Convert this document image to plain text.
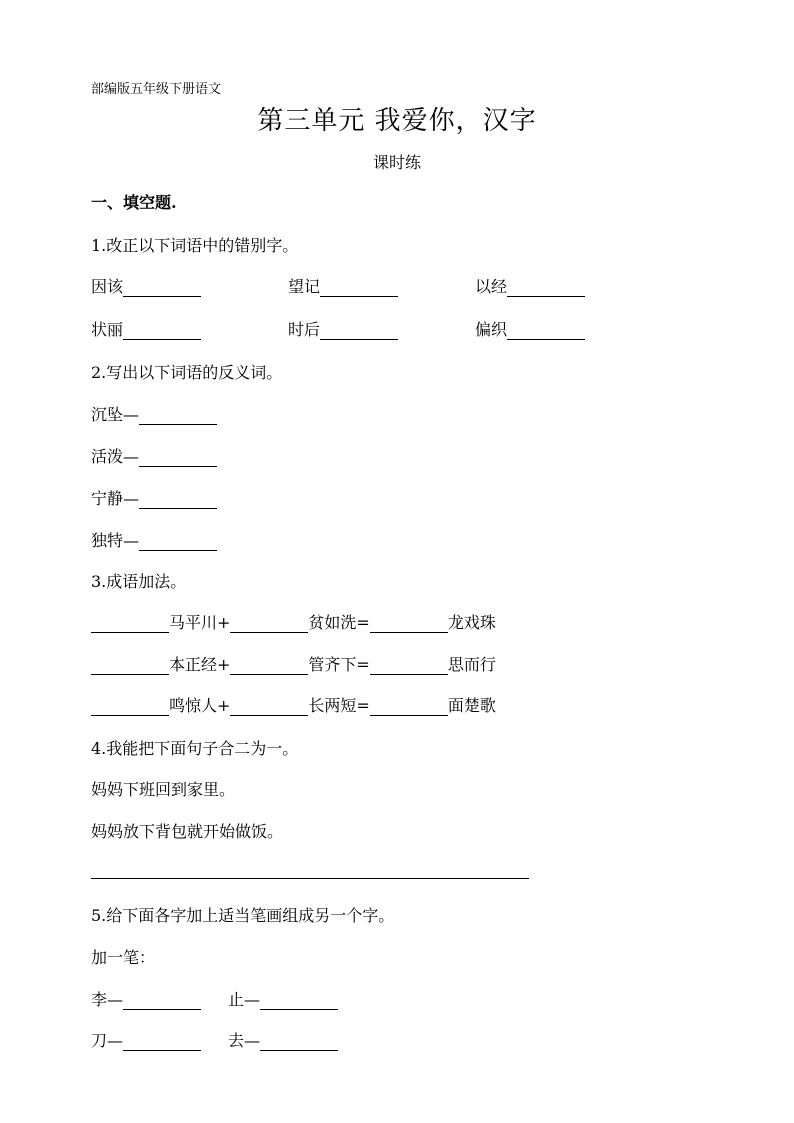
部编版五年级下册语文
第三单元 我爱你，汉字
课时练
一、填空题.
1.改正以下词语中的错别字。
因该	望记	以经
状丽	时后	偏织
2.写出以下词语的反义词。
沉坠—
活泼—
宁静—
独特—
3.成语加法。
马平川+	贫如洗=	龙戏珠
本正经+	管齐下=	思而行
鸣惊人+	长两短=	面楚歌
4.我能把下面句子合二为一。
妈妈下班回到家里。
妈妈放下背包就开始做饭。
5.给下面各字加上适当笔画组成另一个字。
加一笔：
李—	止—
刀—	去—
